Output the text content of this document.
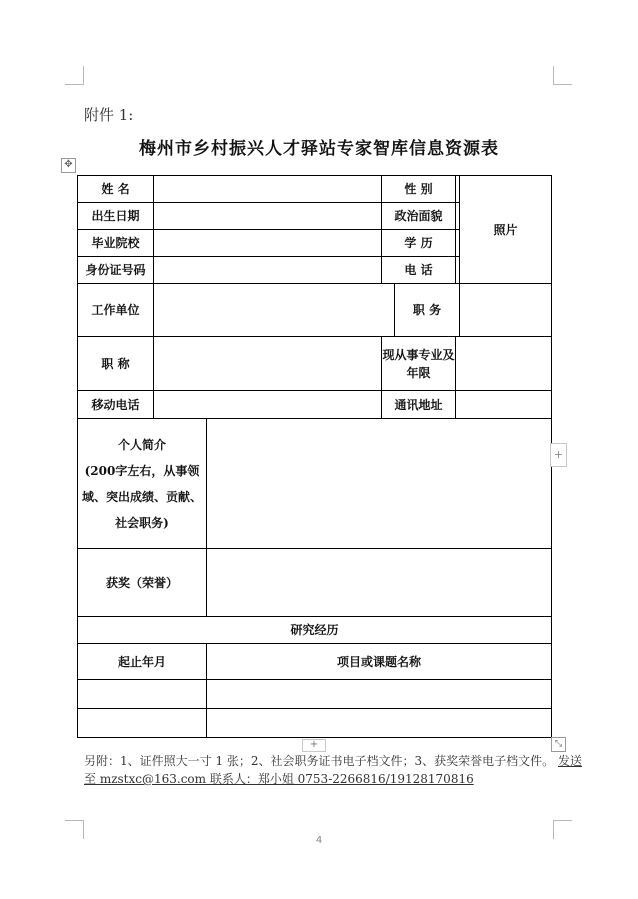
附件 1:
梅州市乡村振兴人才驿站专家智库信息资源表
✥
姓 名			性 别			照片
出生日期			政治面貌			
毕业院校			学 历			
身份证号码			电 话			
工作单位				职 务		
职 称			现从事专业及年限			
移动电话			通讯地址			

个人简介
(200字左右，从事领域、突出成绩、贡献、社会职务)						

获奖（荣誉）						
研究经历						
起止年月		项目或课题名称				

+
+	⤡
另附：1、证件照大一寸 1 张；2、社会职务证书电子档文件；3、获奖荣誉电子档文件。 发送至 mzstxc@163.com 联系人：郑小姐 0753-2266816/19128170816
4
